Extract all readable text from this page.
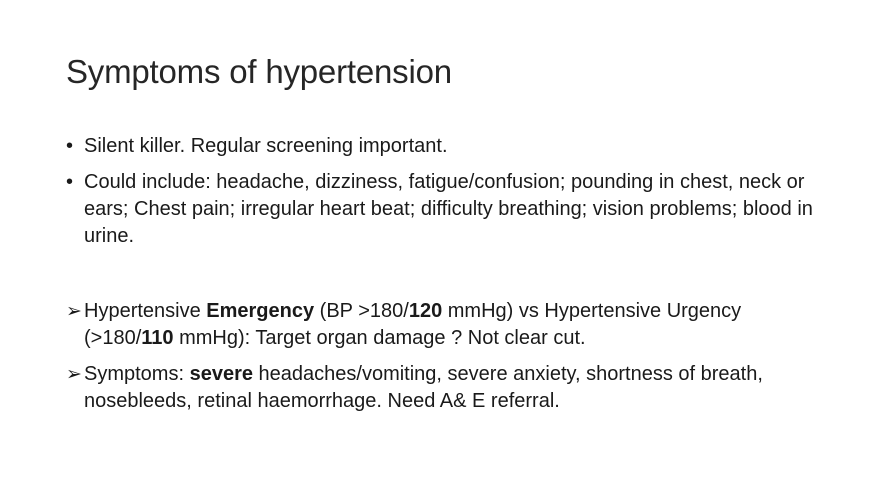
Symptoms of hypertension
• Silent killer. Regular screening important.
• Could include: headache, dizziness, fatigue/confusion; pounding in chest, neck or ears; Chest pain; irregular heart beat; difficulty breathing; vision problems; blood in urine.
➢ Hypertensive Emergency (BP >180/120 mmHg) vs Hypertensive Urgency (>180/110 mmHg): Target organ damage ? Not clear cut.
➢ Symptoms: severe headaches/vomiting, severe anxiety, shortness of breath, nosebleeds, retinal haemorrhage. Need A& E referral.
